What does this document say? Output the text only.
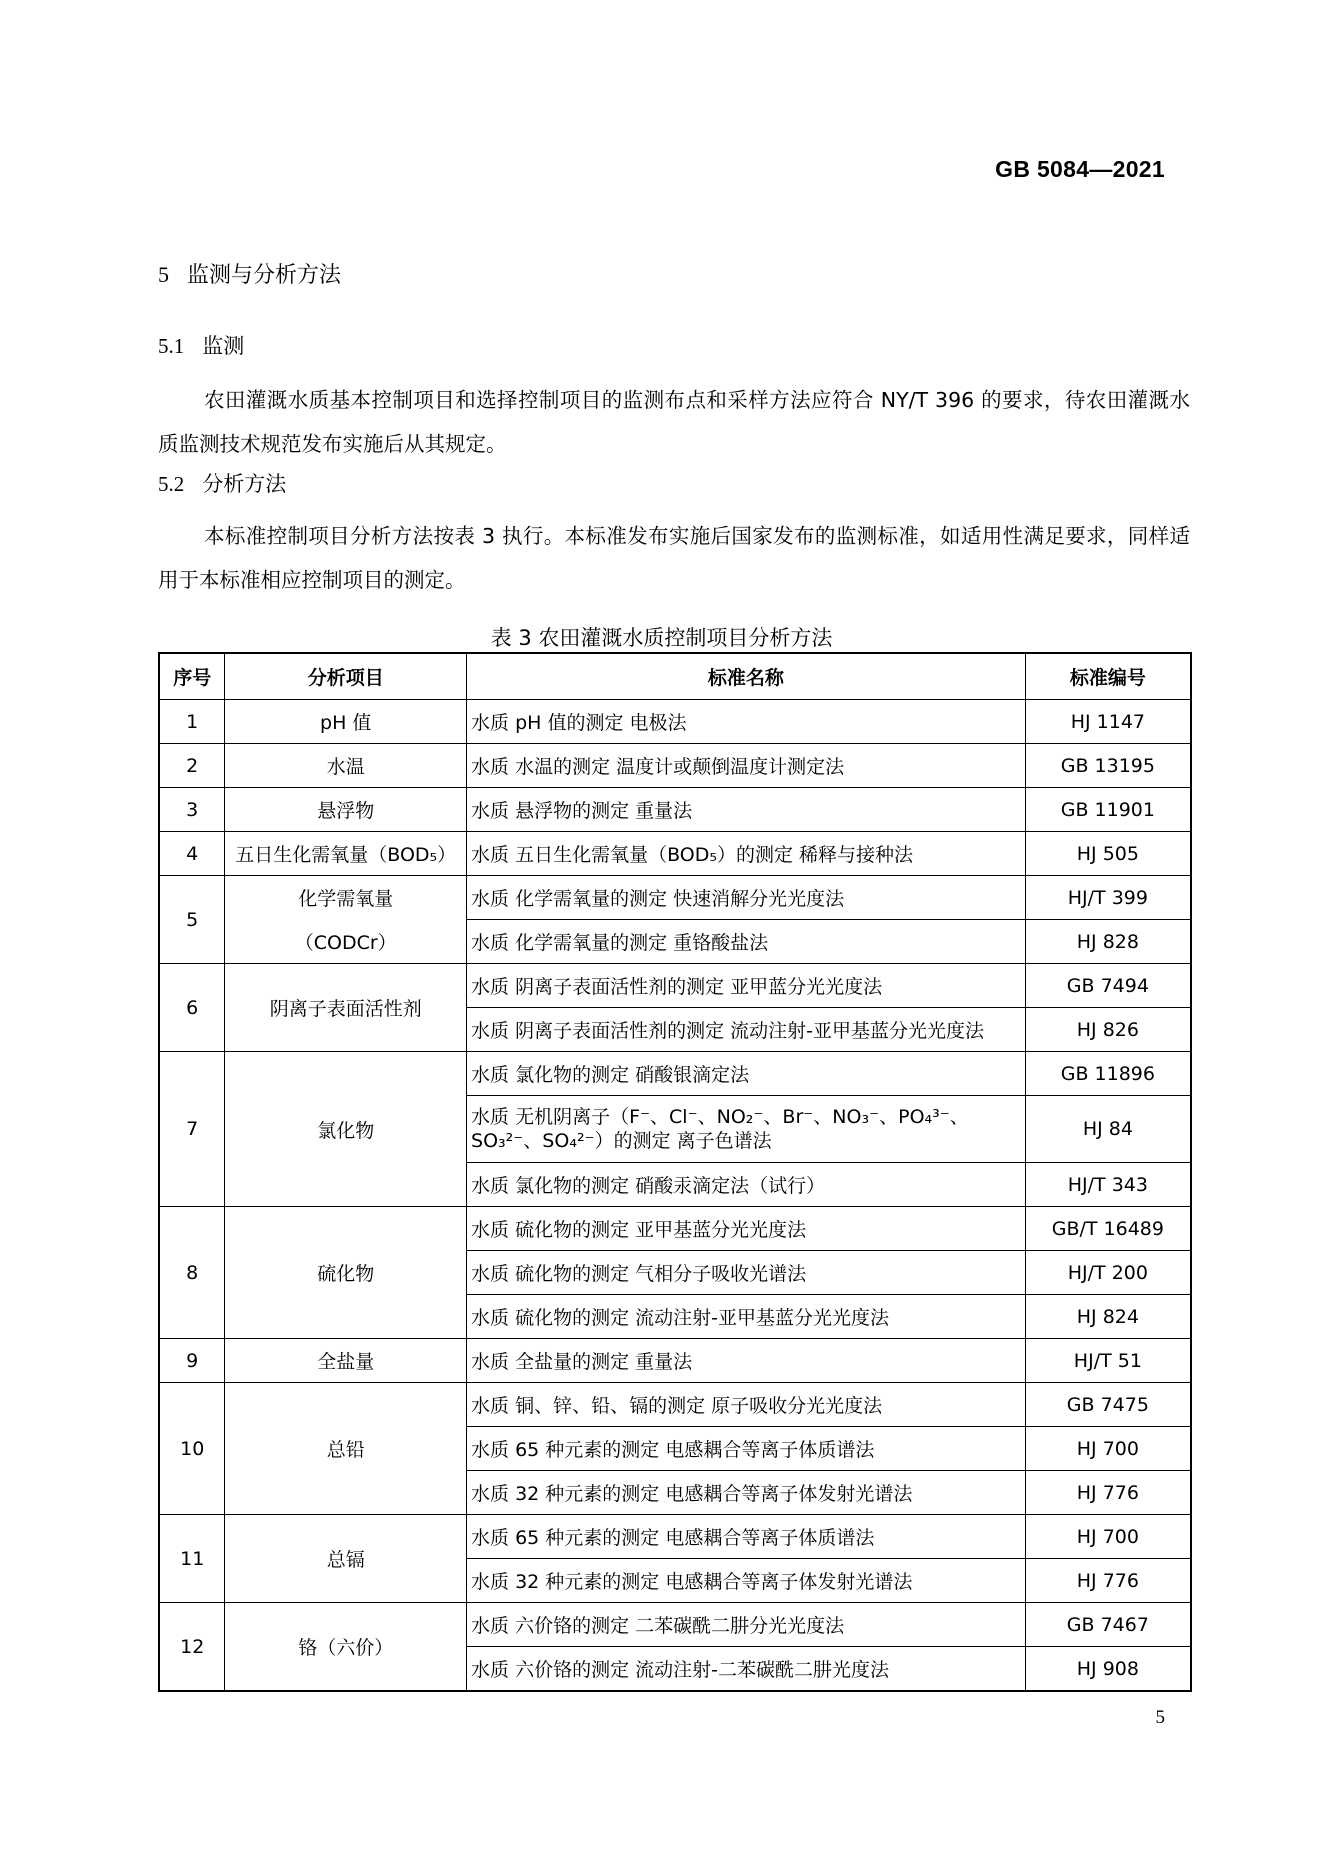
GB 5084—2021
5 监测与分析方法
5.1 监测
农田灌溉水质基本控制项目和选择控制项目的监测布点和采样方法应符合 NY/T 396 的要求，待农田灌溉水质监测技术规范发布实施后从其规定。
5.2 分析方法
本标准控制项目分析方法按表 3 执行。本标准发布实施后国家发布的监测标准，如适用性满足要求，同样适用于本标准相应控制项目的测定。
表 3 农田灌溉水质控制项目分析方法
序号	分析项目	标准名称	标准编号
1	pH 值	水质 pH 值的测定 电极法	HJ 1147
2	水温	水质 水温的测定 温度计或颠倒温度计测定法	GB 13195
3	悬浮物	水质 悬浮物的测定 重量法	GB 11901
4	五日生化需氧量（BOD₅）	水质 五日生化需氧量（BOD₅）的测定 稀释与接种法	HJ 505
5	化学需氧量	水质 化学需氧量的测定 快速消解分光光度法	HJ/T 399
	（CODCr）	水质 化学需氧量的测定 重铬酸盐法	HJ 828
6	阴离子表面活性剂	水质 阴离子表面活性剂的测定 亚甲蓝分光光度法	GB 7494
		水质 阴离子表面活性剂的测定 流动注射-亚甲基蓝分光光度法	HJ 826
7	氯化物	水质 氯化物的测定 硝酸银滴定法	GB 11896
		水质 无机阴离子（F⁻、Cl⁻、NO₂⁻、Br⁻、NO₃⁻、PO₄³⁻、SO₃²⁻、SO₄²⁻）的测定 离子色谱法	HJ 84
		水质 氯化物的测定 硝酸汞滴定法（试行）	HJ/T 343
8	硫化物	水质 硫化物的测定 亚甲基蓝分光光度法	GB/T 16489
		水质 硫化物的测定 气相分子吸收光谱法	HJ/T 200
		水质 硫化物的测定 流动注射-亚甲基蓝分光光度法	HJ 824
9	全盐量	水质 全盐量的测定 重量法	HJ/T 51
10	总铅	水质 铜、锌、铅、镉的测定 原子吸收分光光度法	GB 7475
		水质 65 种元素的测定 电感耦合等离子体质谱法	HJ 700
		水质 32 种元素的测定 电感耦合等离子体发射光谱法	HJ 776
11	总镉	水质 65 种元素的测定 电感耦合等离子体质谱法	HJ 700
		水质 32 种元素的测定 电感耦合等离子体发射光谱法	HJ 776
12	铬（六价）	水质 六价铬的测定 二苯碳酰二肼分光光度法	GB 7467
		水质 六价铬的测定 流动注射-二苯碳酰二肼光度法	HJ 908
5
